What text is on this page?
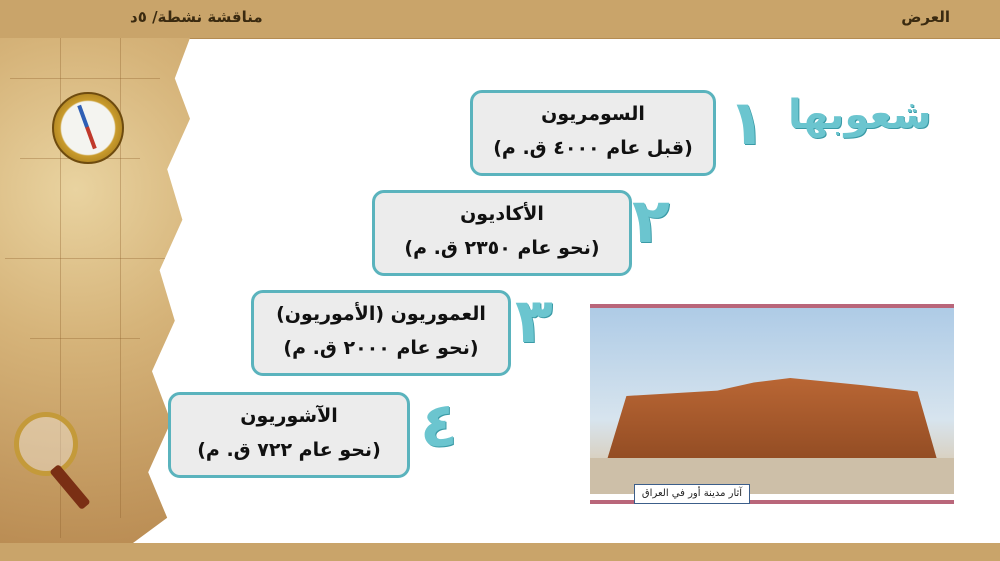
مناقشة نشطة/ ٥د	العرض
شعوبها
السومريون
(قبل عام ٤٠٠٠ ق. م) ١
الأكاديون
(نحو عام ٢٣٥٠ ق. م) ٢
العموريون (الأموريون)
(نحو عام ٢٠٠٠ ق. م) ٣
الآشوريون
(نحو عام ٧٢٢ ق. م) ٤
آثار مدينة أور في العراق
